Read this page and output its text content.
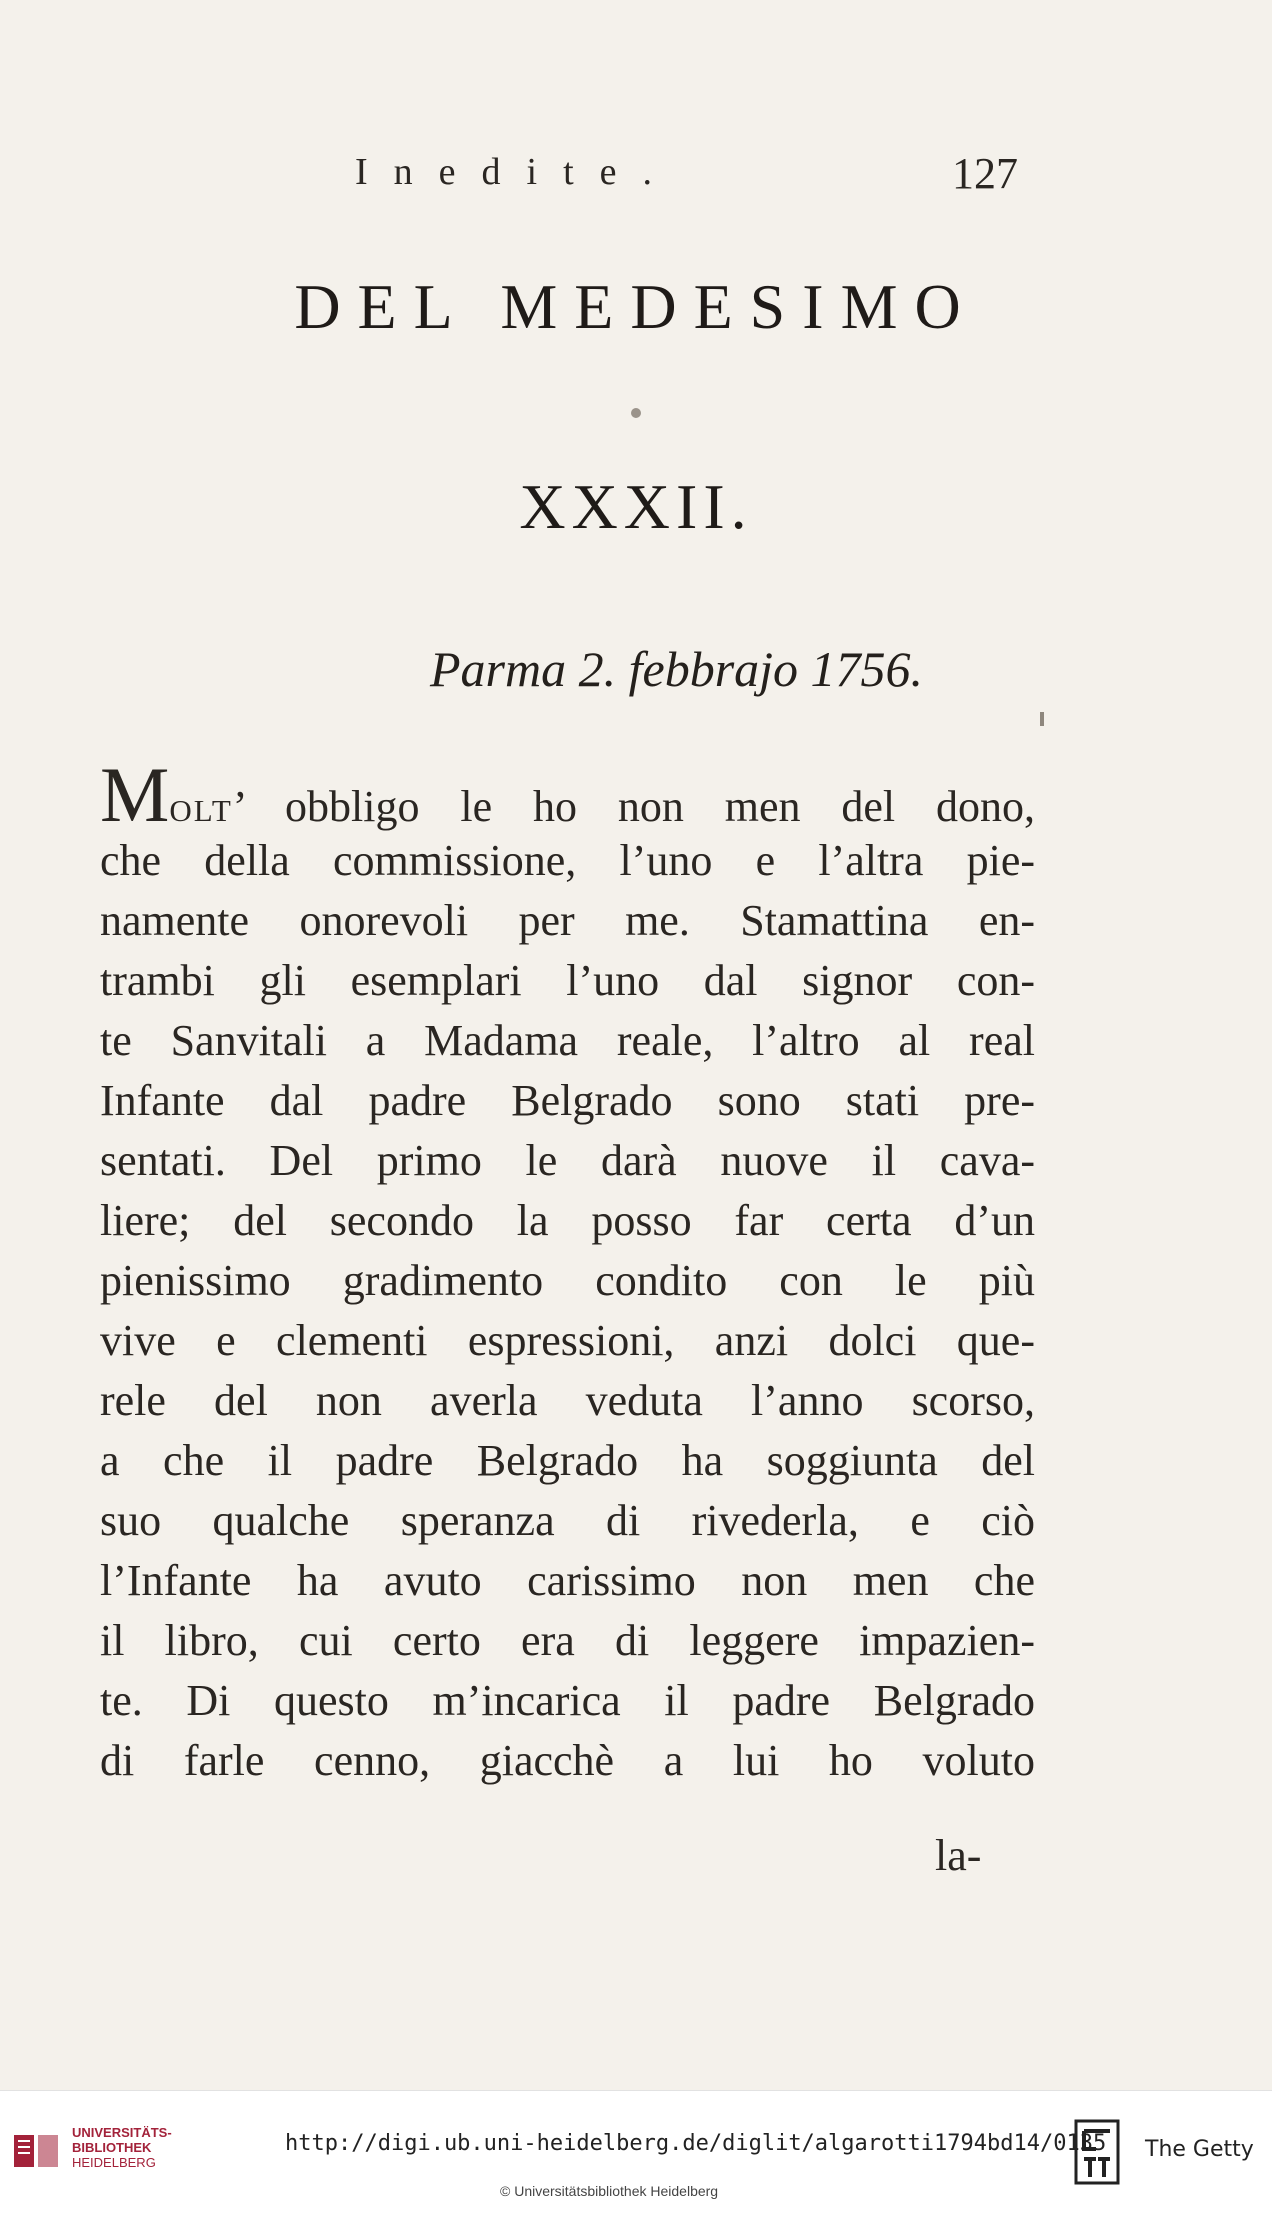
Inedite.	127
DEL MEDESIMO
XXXII.
Parma 2. febbrajo 1756.
Molt’ obbligo le ho non men del dono,
che della commissione, l’uno e l’altra pie-
namente onorevoli per me. Stamattina en-
trambi gli esemplari l’uno dal signor con-
te Sanvitali a Madama reale, l’altro al real
Infante dal padre Belgrado sono stati pre-
sentati. Del primo le darà nuove il cava-
liere; del secondo la posso far certa d’un
pienissimo gradimento condito con le più
vive e clementi espressioni, anzi dolci que-
rele del non averla veduta l’anno scorso,
a che il padre Belgrado ha soggiunta del
suo qualche speranza di rivederla, e ciò
l’Infante ha avuto carissimo non men che
il libro, cui certo era di leggere impazien-
te. Di questo m’incarica il padre Belgrado
di farle cenno, giacchè a lui ho voluto
la-
UNIVERSITÄTS-
BIBLIOTHEK
HEIDELBERG
http://digi.ub.uni-heidelberg.de/diglit/algarotti1794bd14/0135
© Universitätsbibliothek Heidelberg
The Getty
